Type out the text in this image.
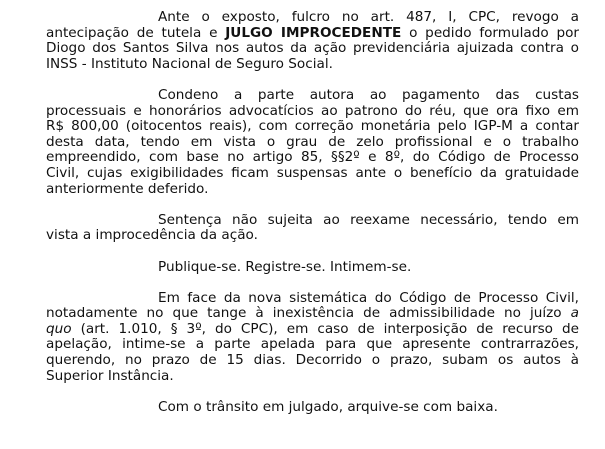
Ante o exposto, fulcro no art. 487, I, CPC, revogo a
antecipação de tutela e JULGO IMPROCEDENTE o pedido formulado por
Diogo dos Santos Silva nos autos da ação previdenciária ajuizada contra o
INSS - Instituto Nacional de Seguro Social.

Condeno a parte autora ao pagamento das custas
processuais e honorários advocatícios ao patrono do réu, que ora fixo em
R$ 800,00 (oitocentos reais), com correção monetária pelo IGP-M a contar
desta data, tendo em vista o grau de zelo profissional e o trabalho
empreendido, com base no artigo 85, §§2º e 8º, do Código de Processo
Civil, cujas exigibilidades ficam suspensas ante o benefício da gratuidade
anteriormente deferido.

Sentença não sujeita ao reexame necessário, tendo em
vista a improcedência da ação.

Publique-se. Registre-se. Intimem-se.

Em face da nova sistemática do Código de Processo Civil,
notadamente no que tange à inexistência de admissibilidade no juízo a
quo (art. 1.010, § 3º, do CPC), em caso de interposição de recurso de
apelação, intime-se a parte apelada para que apresente contrarrazões,
querendo, no prazo de 15 dias. Decorrido o prazo, subam os autos à
Superior Instância.

Com o trânsito em julgado, arquive-se com baixa.
